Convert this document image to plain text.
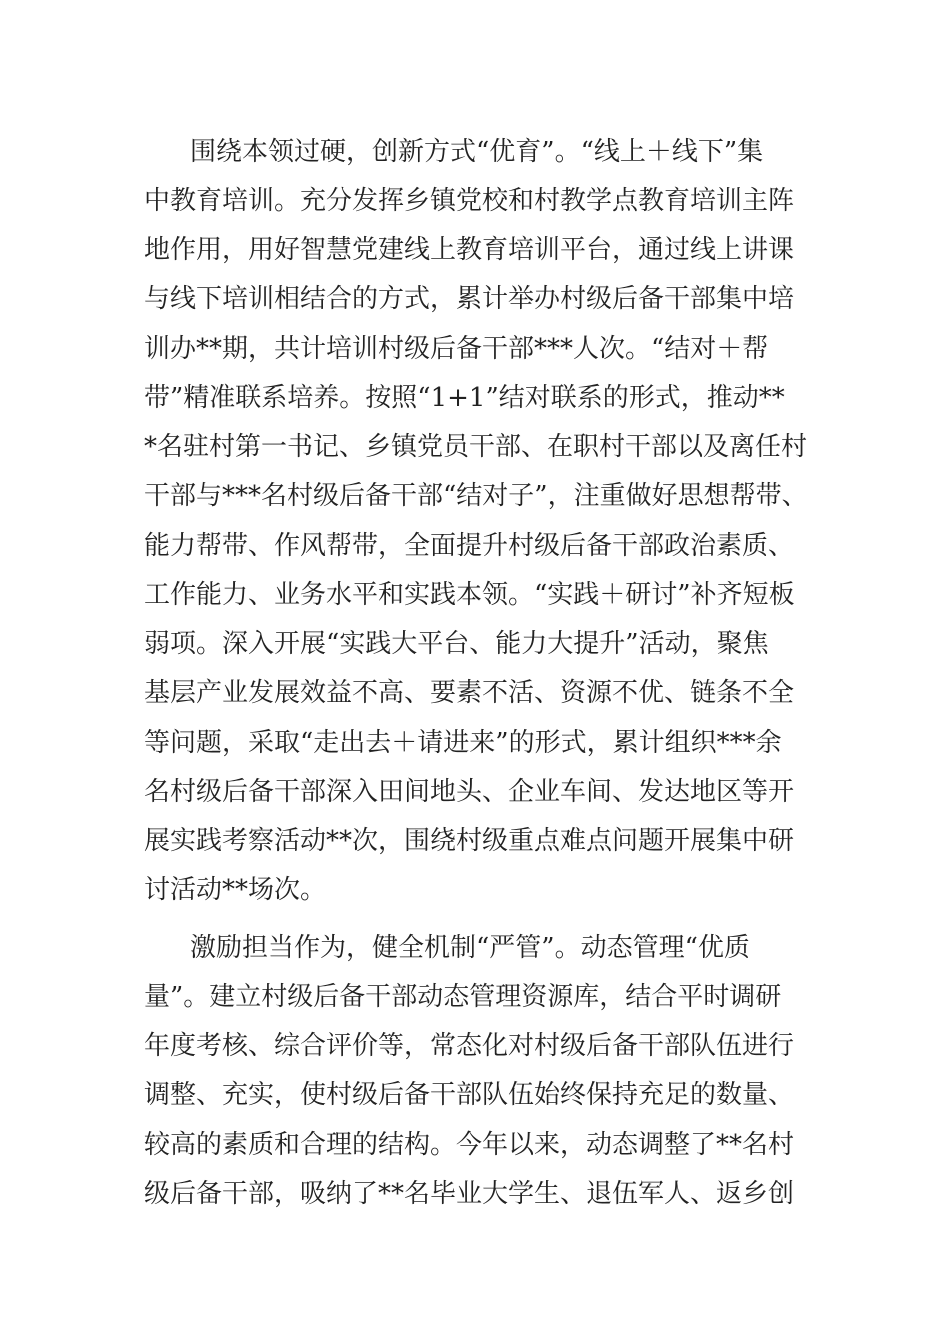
围绕本领过硬，创新方式“优育”。“线上＋线下”集
中教育培训。充分发挥乡镇党校和村教学点教育培训主阵
地作用，用好智慧党建线上教育培训平台，通过线上讲课
与线下培训相结合的方式，累计举办村级后备干部集中培
训办**期，共计培训村级后备干部***人次。“结对＋帮
带”精准联系培养。按照“1+1”结对联系的形式，推动**
*名驻村第一书记、乡镇党员干部、在职村干部以及离任村
干部与***名村级后备干部“结对子”，注重做好思想帮带、
能力帮带、作风帮带，全面提升村级后备干部政治素质、
工作能力、业务水平和实践本领。“实践＋研讨”补齐短板
弱项。深入开展“实践大平台、能力大提升”活动，聚焦
基层产业发展效益不高、要素不活、资源不优、链条不全
等问题，采取“走出去＋请进来”的形式，累计组织***余
名村级后备干部深入田间地头、企业车间、发达地区等开
展实践考察活动**次，围绕村级重点难点问题开展集中研
讨活动**场次。
激励担当作为，健全机制“严管”。动态管理“优质
量”。建立村级后备干部动态管理资源库，结合平时调研
年度考核、综合评价等，常态化对村级后备干部队伍进行
调整、充实，使村级后备干部队伍始终保持充足的数量、
较高的素质和合理的结构。今年以来，动态调整了**名村
级后备干部，吸纳了**名毕业大学生、退伍军人、返乡创
